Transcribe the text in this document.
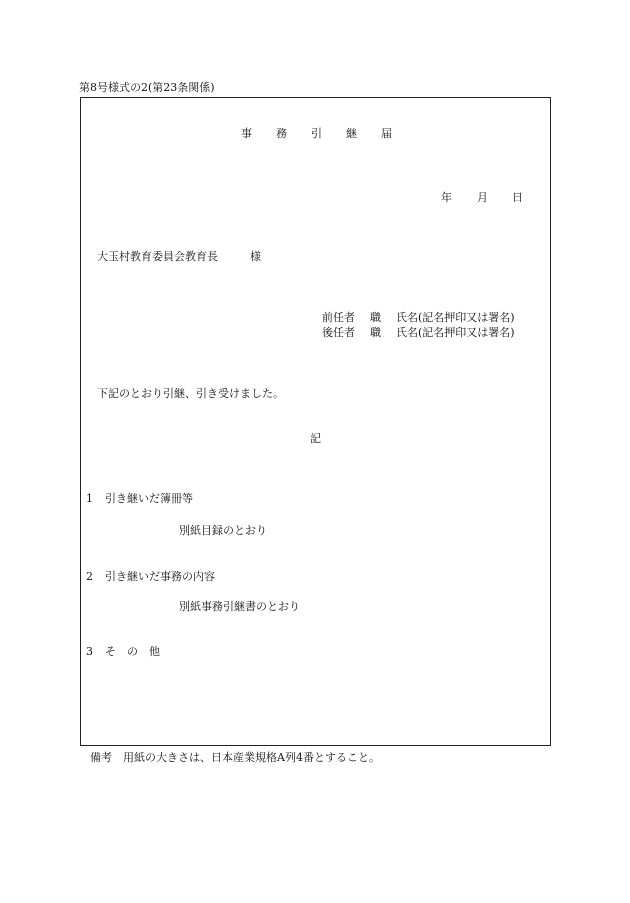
第8号様式の2(第23条関係)
事務引継届
年 月 日
大玉村教育委員会教育長	様
前任者 職 氏名(記名押印又は署名)
後任者 職 氏名(記名押印又は署名)
下記のとおり引継、引き受けました。
記
1 引き継いだ簿冊等
別紙目録のとおり
2 引き継いだ事務の内容
別紙事務引継書のとおり
3 そ　の　他
備考　用紙の大きさは、日本産業規格A列4番とすること。
